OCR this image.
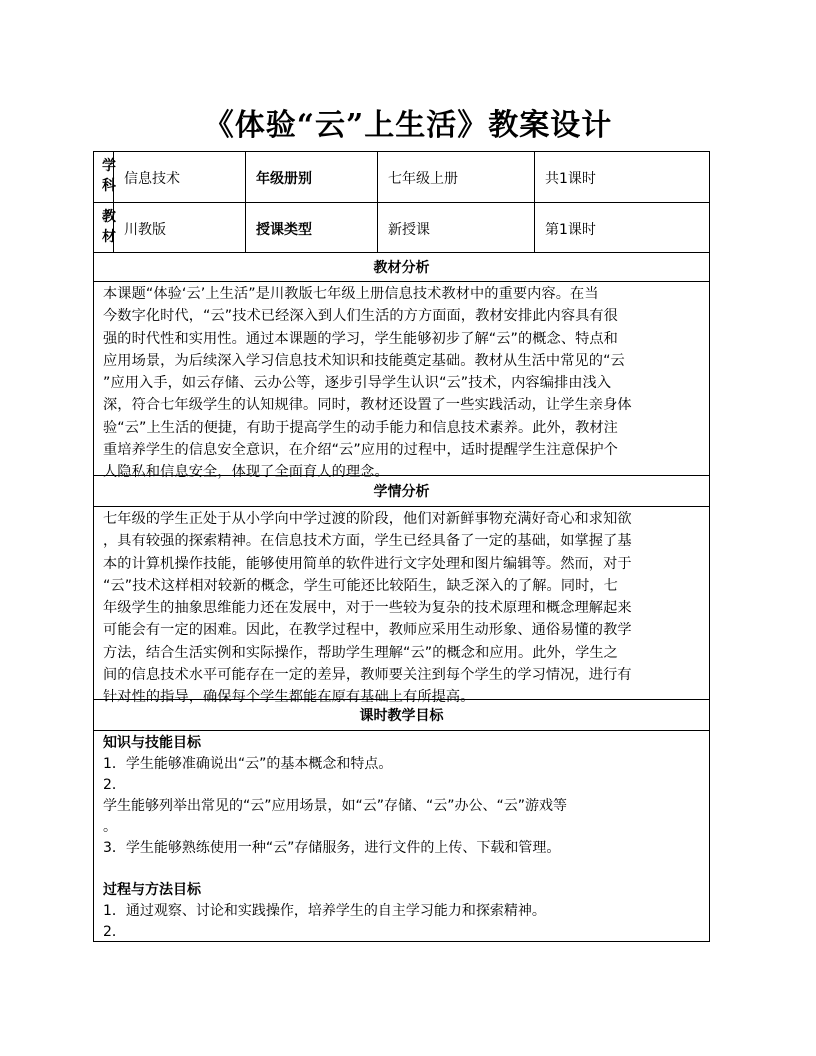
《体验“云”上生活》教案设计
学科 信息技术	年级册别	七年级上册	共1课时
教材 川教版	授课类型	新授课	第1课时
教材分析
本课题“体验‘云’上生活”是川教版七年级上册信息技术教材中的重要内容。在当
今数字化时代，“云”技术已经深入到人们生活的方方面面，教材安排此内容具有很
强的时代性和实用性。通过本课题的学习，学生能够初步了解“云”的概念、特点和
应用场景，为后续深入学习信息技术知识和技能奠定基础。教材从生活中常见的“云
”应用入手，如云存储、云办公等，逐步引导学生认识“云”技术，内容编排由浅入
深，符合七年级学生的认知规律。同时，教材还设置了一些实践活动，让学生亲身体
验“云”上生活的便捷，有助于提高学生的动手能力和信息技术素养。此外，教材注
重培养学生的信息安全意识，在介绍“云”应用的过程中，适时提醒学生注意保护个
人隐私和信息安全，体现了全面育人的理念。
学情分析
七年级的学生正处于从小学向中学过渡的阶段，他们对新鲜事物充满好奇心和求知欲
，具有较强的探索精神。在信息技术方面，学生已经具备了一定的基础，如掌握了基
本的计算机操作技能，能够使用简单的软件进行文字处理和图片编辑等。然而，对于
“云”技术这样相对较新的概念，学生可能还比较陌生，缺乏深入的了解。同时，七
年级学生的抽象思维能力还在发展中，对于一些较为复杂的技术原理和概念理解起来
可能会有一定的困难。因此，在教学过程中，教师应采用生动形象、通俗易懂的教学
方法，结合生活实例和实际操作，帮助学生理解“云”的概念和应用。此外，学生之
间的信息技术水平可能存在一定的差异，教师要关注到每个学生的学习情况，进行有
针对性的指导，确保每个学生都能在原有基础上有所提高。
课时教学目标
知识与技能目标
1．学生能够准确说出“云”的基本概念和特点。
2．
学生能够列举出常见的“云”应用场景，如“云”存储、“云”办公、“云”游戏等
。
3．学生能够熟练使用一种“云”存储服务，进行文件的上传、下载和管理。
过程与方法目标
1．通过观察、讨论和实践操作，培养学生的自主学习能力和探索精神。
2．
